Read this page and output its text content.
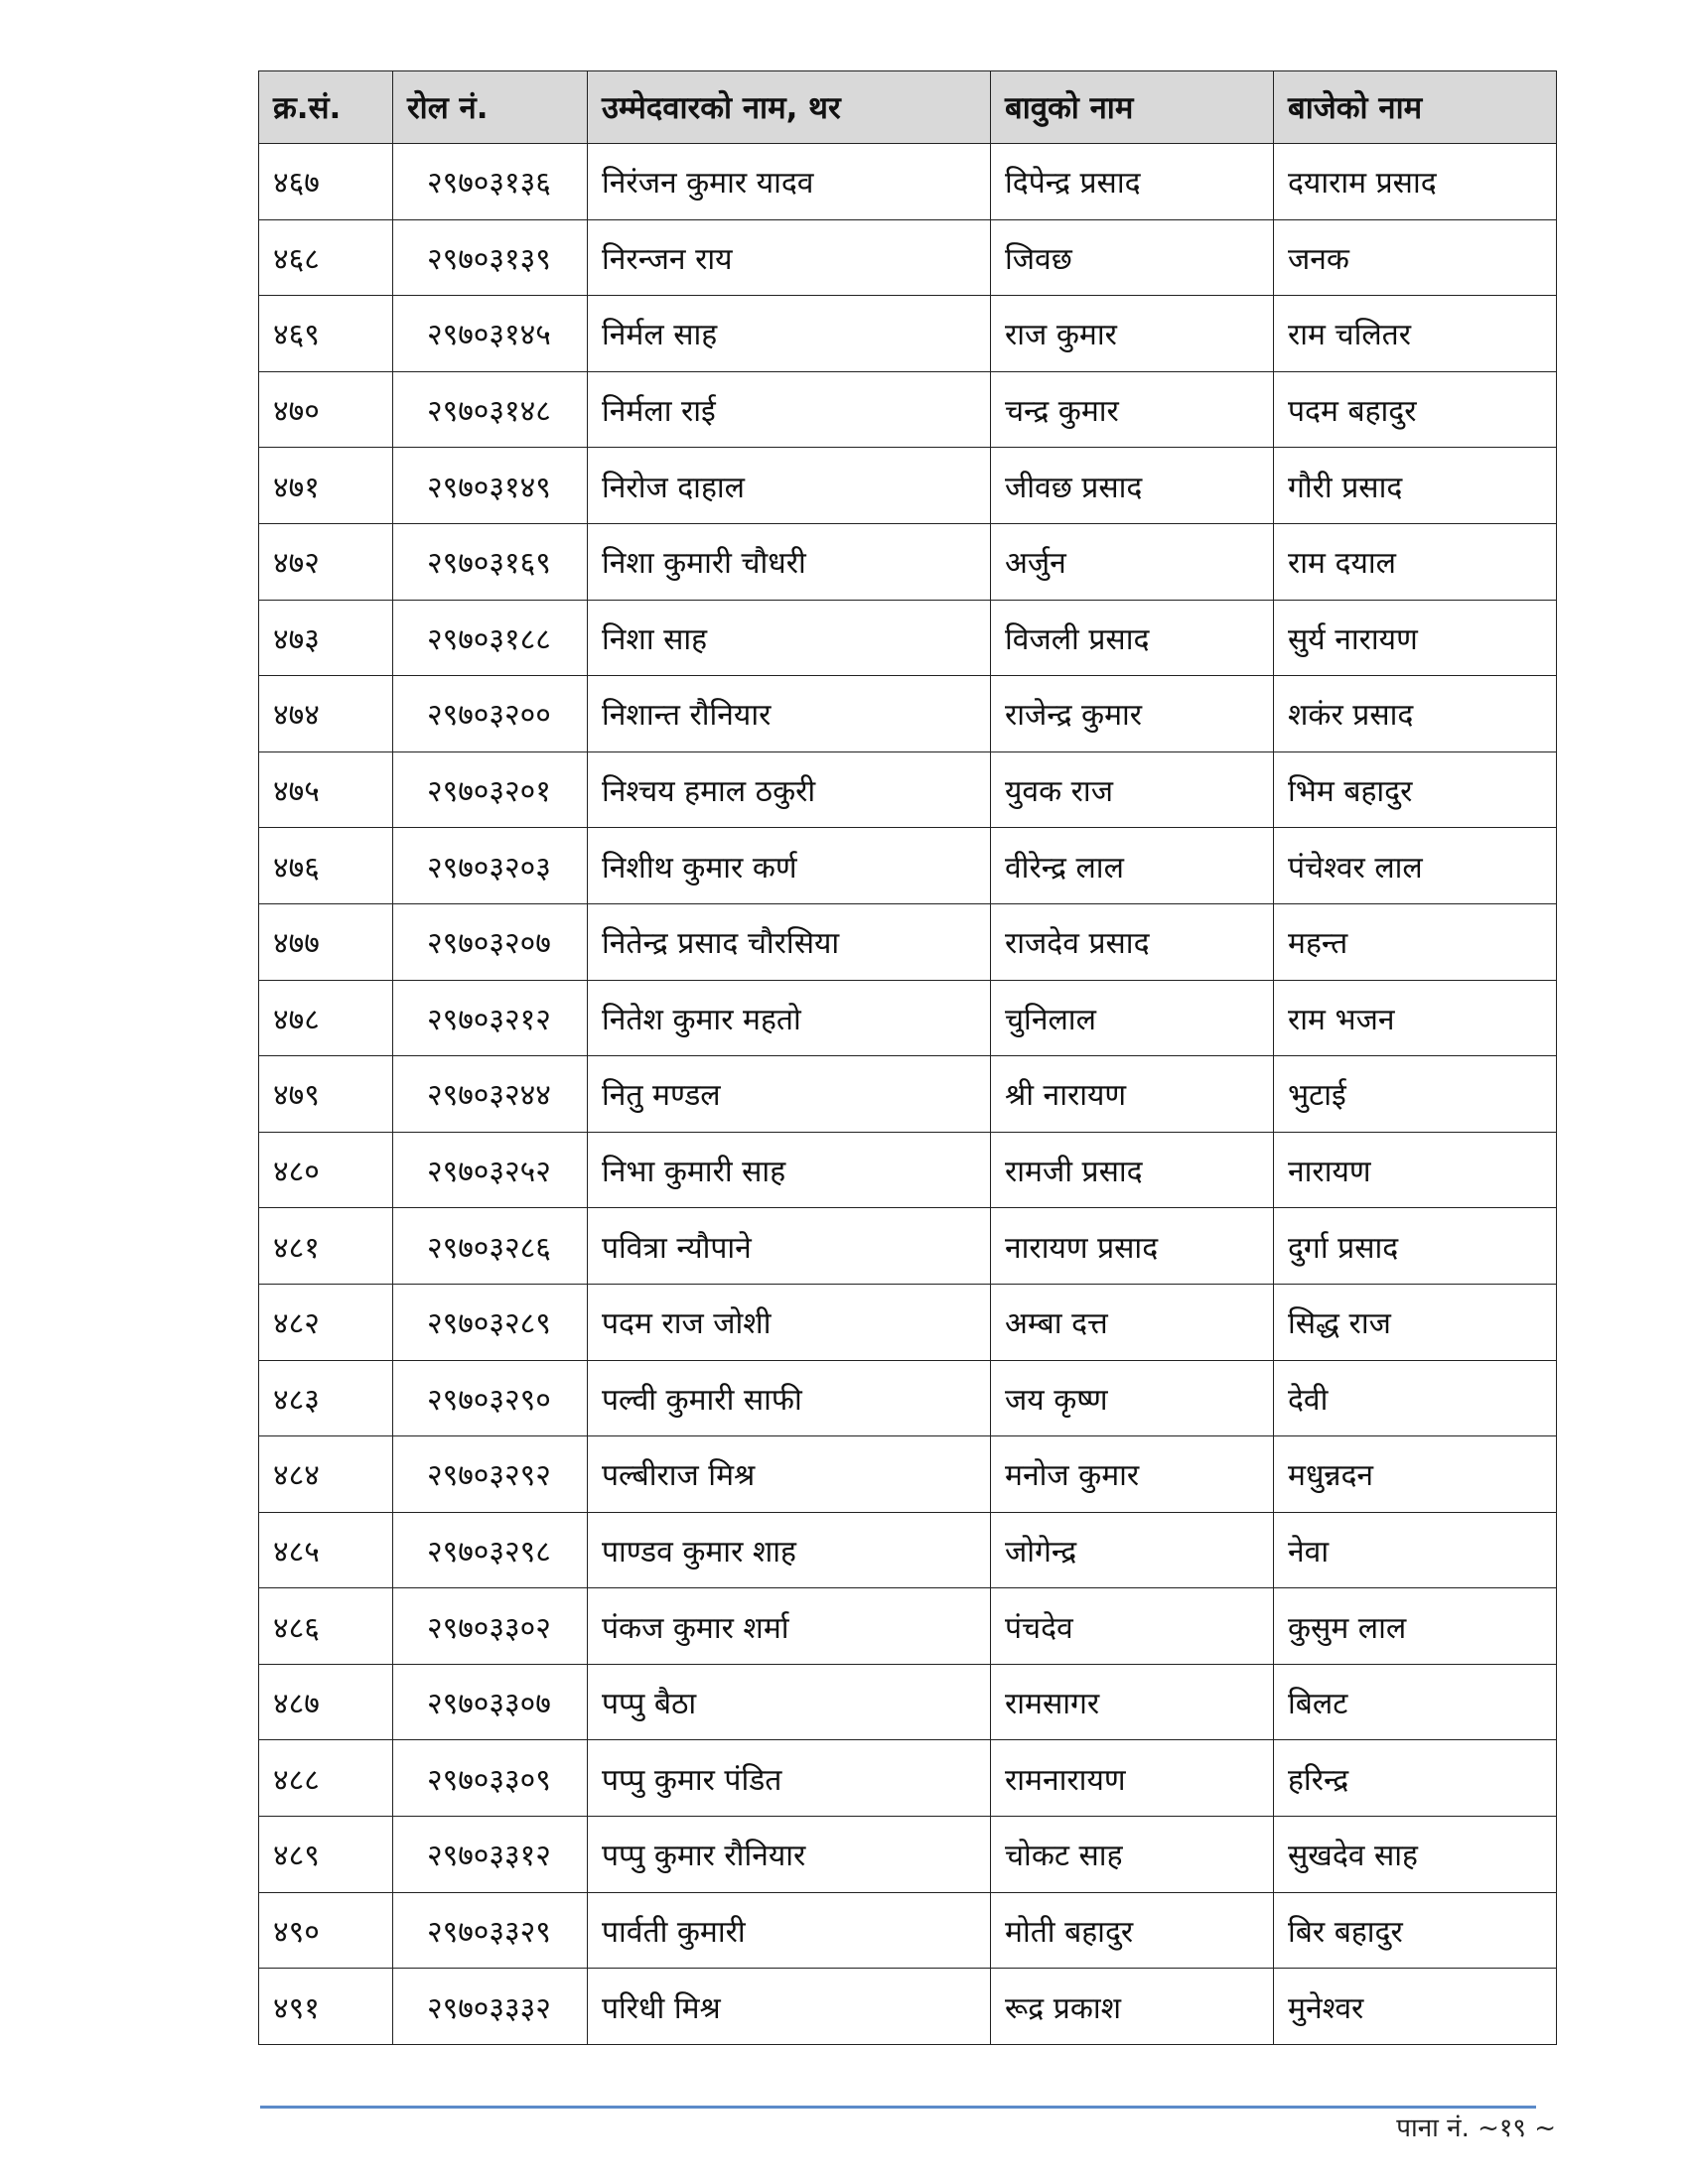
क्र.सं.	रोल नं.	उम्मेदवारको नाम, थर	बावुको नाम	बाजेको नाम
४६७	२९७०३१३६	निरंजन कुमार यादव	दिपेन्द्र प्रसाद	दयाराम प्रसाद
४६८	२९७०३१३९	निरन्जन राय	जिवछ	जनक
४६९	२९७०३१४५	निर्मल साह	राज कुमार	राम चलितर
४७०	२९७०३१४८	निर्मला राई	चन्द्र कुमार	पदम बहादुर
४७१	२९७०३१४९	निरोज दाहाल	जीवछ प्रसाद	गौरी प्रसाद
४७२	२९७०३१६९	निशा कुमारी चौधरी	अर्जुन	राम दयाल
४७३	२९७०३१८८	निशा साह	विजली प्रसाद	सुर्य नारायण
४७४	२९७०३२००	निशान्त रौनियार	राजेन्द्र कुमार	शकंर प्रसाद
४७५	२९७०३२०१	निश्चय हमाल ठकुरी	युवक राज	भिम बहादुर
४७६	२९७०३२०३	निशीथ कुमार कर्ण	वीरेन्द्र लाल	पंचेश्वर लाल
४७७	२९७०३२०७	नितेन्द्र प्रसाद चौरसिया	राजदेव प्रसाद	महन्त
४७८	२९७०३२१२	नितेश कुमार महतो	चुनिलाल	राम भजन
४७९	२९७०३२४४	नितु मण्डल	श्री नारायण	भुटाई
४८०	२९७०३२५२	निभा कुमारी साह	रामजी प्रसाद	नारायण
४८१	२९७०३२८६	पवित्रा न्यौपाने	नारायण प्रसाद	दुर्गा प्रसाद
४८२	२९७०३२८९	पदम राज जोशी	अम्बा दत्त	सिद्ध राज
४८३	२९७०३२९०	पल्वी कुमारी साफी	जय कृष्ण	देवी
४८४	२९७०३२९२	पल्बीराज मिश्र	मनोज कुमार	मधुन्नदन
४८५	२९७०३२९८	पाण्डव कुमार शाह	जोगेन्द्र	नेवा
४८६	२९७०३३०२	पंकज कुमार शर्मा	पंचदेव	कुसुम लाल
४८७	२९७०३३०७	पप्पु बैठा	रामसागर	बिलट
४८८	२९७०३३०९	पप्पु कुमार पंडित	रामनारायण	हरिन्द्र
४८९	२९७०३३१२	पप्पु कुमार रौनियार	चोकट साह	सुखदेव साह
४९०	२९७०३३२९	पार्वती कुमारी	मोती बहादुर	बिर बहादुर
४९१	२९७०३३३२	परिधी मिश्र	रूद्र प्रकाश	मुनेश्वर
पाना नं. ~१९ ~
